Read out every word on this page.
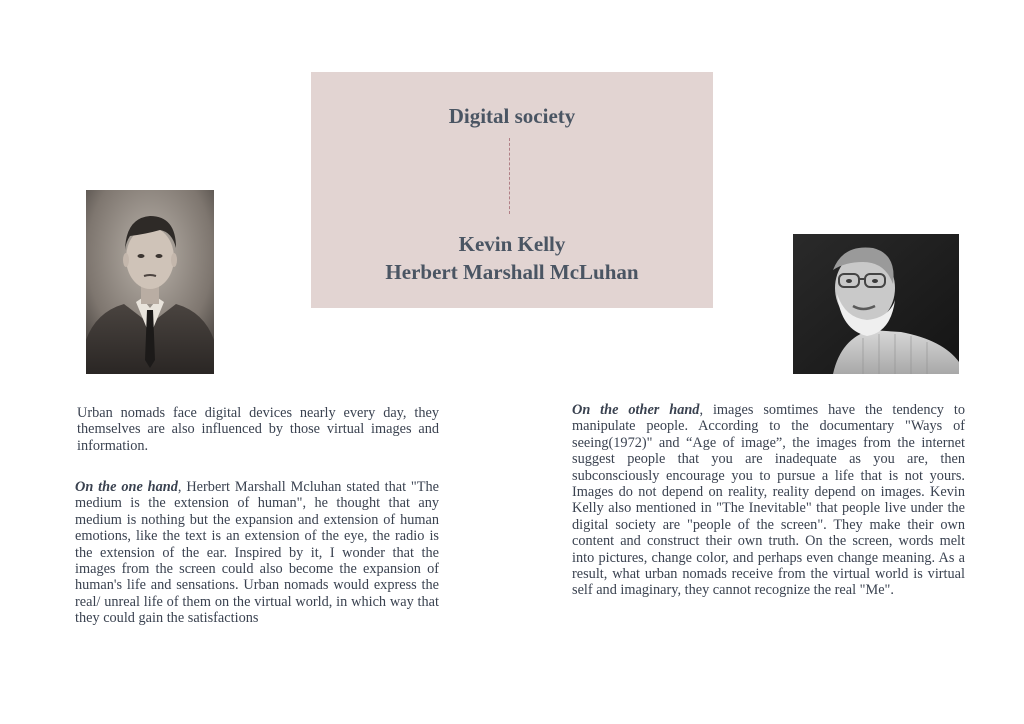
Digital society
Kevin Kelly
Herbert Marshall McLuhan

Urban nomads face digital devices nearly every day, they themselves are also influenced by those virtual images and information.

On the one hand, Herbert Marshall Mcluhan stated that "The medium is the extension of human", he thought that any medium is nothing but the expansion and extension of human emotions, like the text is an extension of the eye, the radio is the extension of the ear. Inspired by it, I wonder that the images from the screen could also become the expansion of human's life and sensations. Urban nomads would express the real/ unreal life of them on the virtual world, in which way that they could gain the satisfactions

On the other hand, images somtimes have the tendency to manipulate people. According to the documentary "Ways of seeing(1972)" and “Age of image”, the images from the internet suggest people that you are inadequate as you are, then subconsciously encourage you to pursue a life that is not yours. Images do not depend on reality, reality depend on images. Kevin Kelly also mentioned in "The Inevitable" that people live under the digital society are "people of the screen". They make their own content and construct their own truth. On the screen, words melt into pictures, change color, and perhaps even change meaning. As a result, what urban nomads receive from the virtual world is virtual self and imaginary, they cannot recognize the real "Me".
